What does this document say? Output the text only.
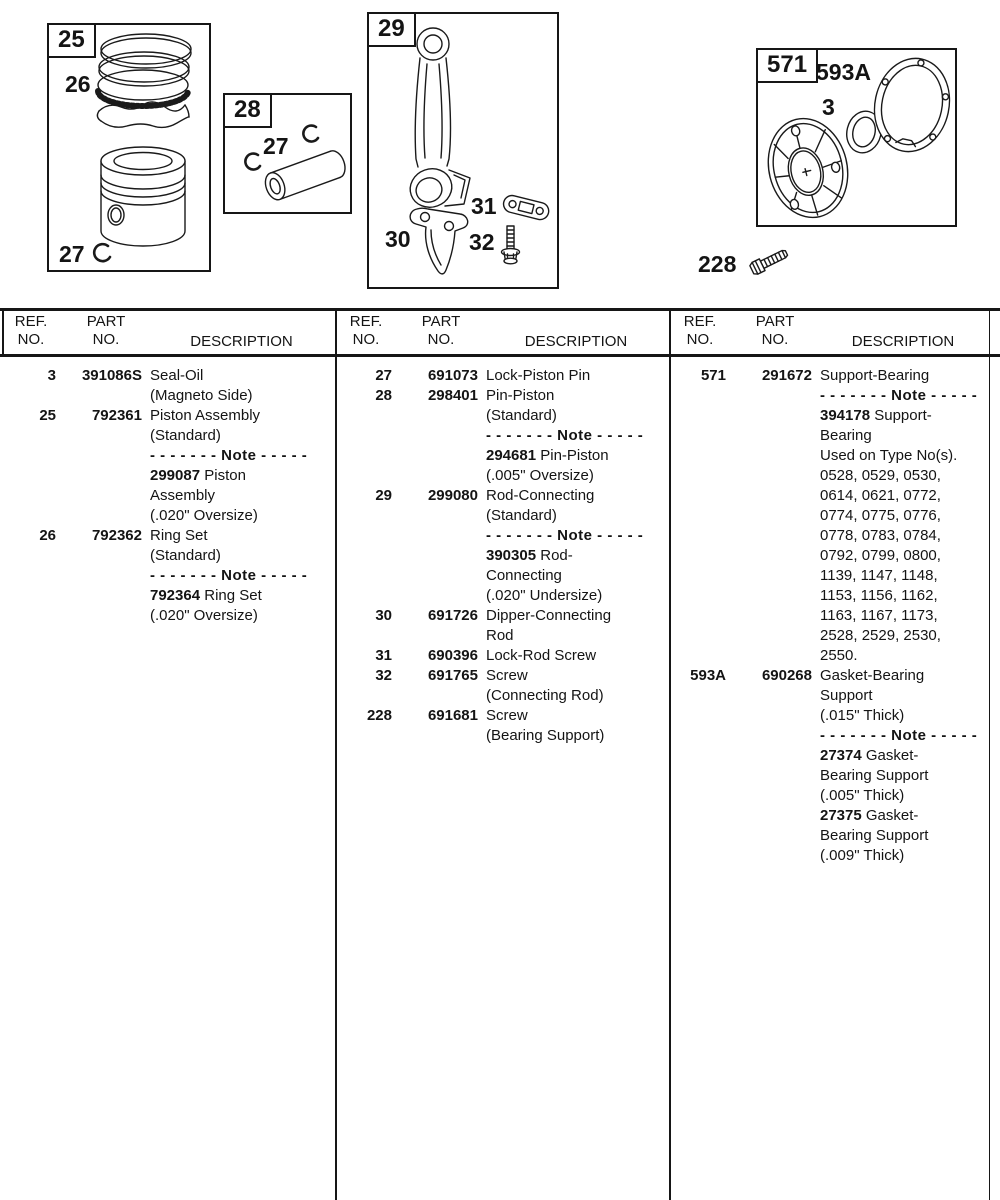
25
26
27
28
27
29
31
30	32
571 593A
3
228
REF.
NO.
PART
NO.	DESCRIPTION
REF.
NO.
PART
NO.	DESCRIPTION
REF.
NO.
PART
NO.	DESCRIPTION
3	391086S Seal-Oil
(Magneto Side)
25	792361 Piston Assembly
(Standard)
- - - - - - - Note - - - - -
299087 Piston
Assembly
(.020" Oversize)
26	792362 Ring Set
(Standard)
- - - - - - - Note - - - - -
792364 Ring Set
(.020" Oversize)
27	691073 Lock-Piston Pin
28	298401 Pin-Piston
(Standard)
- - - - - - - Note - - - - -
294681 Pin-Piston
(.005" Oversize)
29	299080 Rod-Connecting
(Standard)
- - - - - - - Note - - - - -
390305 Rod-
Connecting
(.020" Undersize)
30	691726 Dipper-Connecting
Rod
31	690396 Lock-Rod Screw
32	691765 Screw
(Connecting Rod)
228	691681 Screw
(Bearing Support)
571	291672 Support-Bearing
- - - - - - - Note - - - - -
394178 Support-
Bearing
Used on Type No(s).
0528, 0529, 0530,
0614, 0621, 0772,
0774, 0775, 0776,
0778, 0783, 0784,
0792, 0799, 0800,
1139, 1147, 1148,
1153, 1156, 1162,
1163, 1167, 1173,
2528, 2529, 2530,
2550.
593A	690268 Gasket-Bearing
Support
(.015" Thick)
- - - - - - - Note - - - - -
27374 Gasket-
Bearing Support
(.005" Thick)
27375 Gasket-
Bearing Support
(.009" Thick)
